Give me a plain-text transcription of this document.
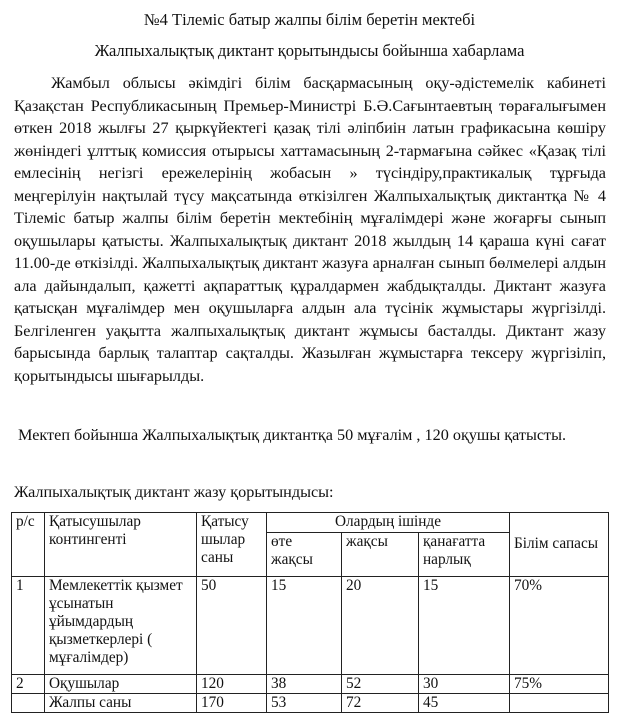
№4 Тілеміс батыр жалпы білім беретін мектебі
Жалпыхалықтық диктант қорытындысы бойынша хабарлама

   Жамбыл облысы әкімдігі білім басқармасының оқу-әдістемелік кабинеті Қазақстан Республикасының Премьер-Министрі Б.Ә.Сағынтаевтың төрағалығымен өткен 2018 жылғы 27 қыркүйектегі қазақ тілі әліпбиін латын графикасына көшіру жөніндегі ұлттық комиссия отырысы хаттамасының 2-тармағына сәйкес «Қазақ тілі емлесінің негізгі ережелерінің жобасын » түсіндіру,практикалық тұрғыда меңгерілуін нақтылай түсу мақсатында өткізілген Жалпыхалықтық диктантқа № 4 Тілеміс батыр жалпы білім беретін мектебінің мұғалімдері және жоғарғы сынып оқушылары қатысты. Жалпыхалықтық диктант 2018 жылдың 14 қараша күні сағат 11.00-де өткізілді. Жалпыхалықтық диктант жазуға арналған сынып бөлмелері алдын ала дайындалып, қажетті ақпараттық құралдармен жабдықталды. Диктант жазуға қатысқан мұғалімдер мен оқушыларға алдын ала түсінік жұмыстары жүргізілді. Белгіленген уақытта жалпыхалықтық диктант жұмысы басталды. Диктант жазу барысында барлық талаптар сақталды. Жазылған жұмыстарға тексеру жүргізіліп, қорытындысы шығарылды.

Мектеп бойынша Жалпыхалықтық диктантқа 50 мұғалім , 120 оқушы қатысты.

Жалпыхалықтық диктант жазу қорытындысы:
р/с	Қатысушылар контингенті	Қатысу шылар саны	Олардың ішінде			Білім сапасы

			өте жақсы	жақсы	қанағатта нарлық	
1	Мемлекеттік қызмет ұсынатын ұйымдардың қызметкерлері ( мұғалімдер)	50	15	20	15	70%
2	Оқушылар	120	38	52	30	75%
	Жалпы саны	170	53	72	45	
